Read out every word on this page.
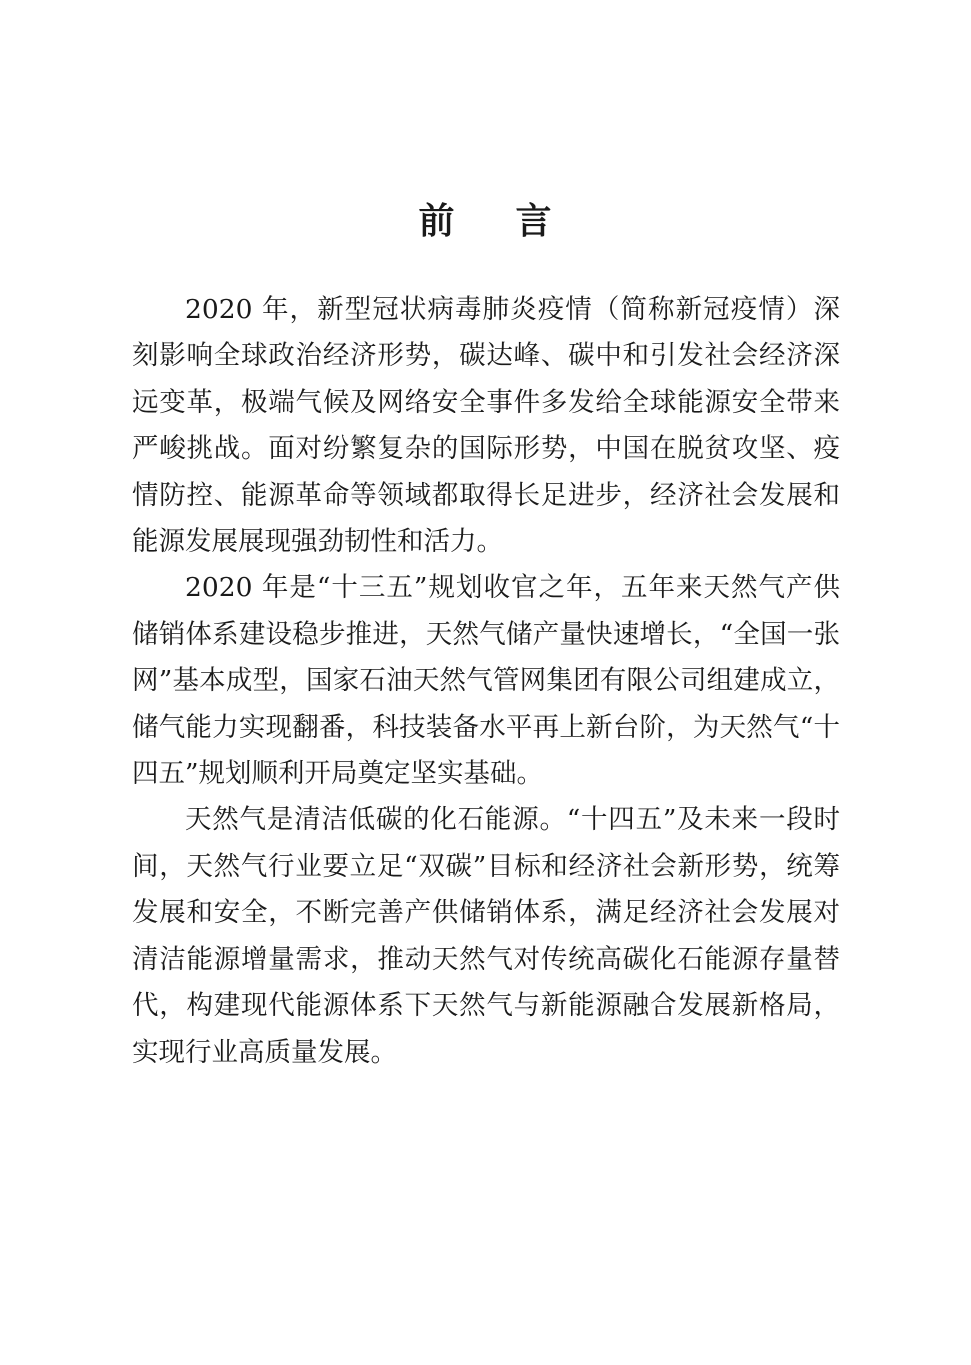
前 言

2020 年，新型冠状病毒肺炎疫情（简称新冠疫情）深刻影响全球政治经济形势，碳达峰、碳中和引发社会经济深远变革，极端气候及网络安全事件多发给全球能源安全带来严峻挑战。面对纷繁复杂的国际形势，中国在脱贫攻坚、疫情防控、能源革命等领域都取得长足进步，经济社会发展和能源发展展现强劲韧性和活力。

2020 年是“十三五”规划收官之年，五年来天然气产供储销体系建设稳步推进，天然气储产量快速增长，“全国一张网”基本成型，国家石油天然气管网集团有限公司组建成立，储气能力实现翻番，科技装备水平再上新台阶，为天然气“十四五”规划顺利开局奠定坚实基础。

天然气是清洁低碳的化石能源。“十四五”及未来一段时间，天然气行业要立足“双碳”目标和经济社会新形势，统筹发展和安全，不断完善产供储销体系，满足经济社会发展对清洁能源增量需求，推动天然气对传统高碳化石能源存量替代，构建现代能源体系下天然气与新能源融合发展新格局，实现行业高质量发展。
